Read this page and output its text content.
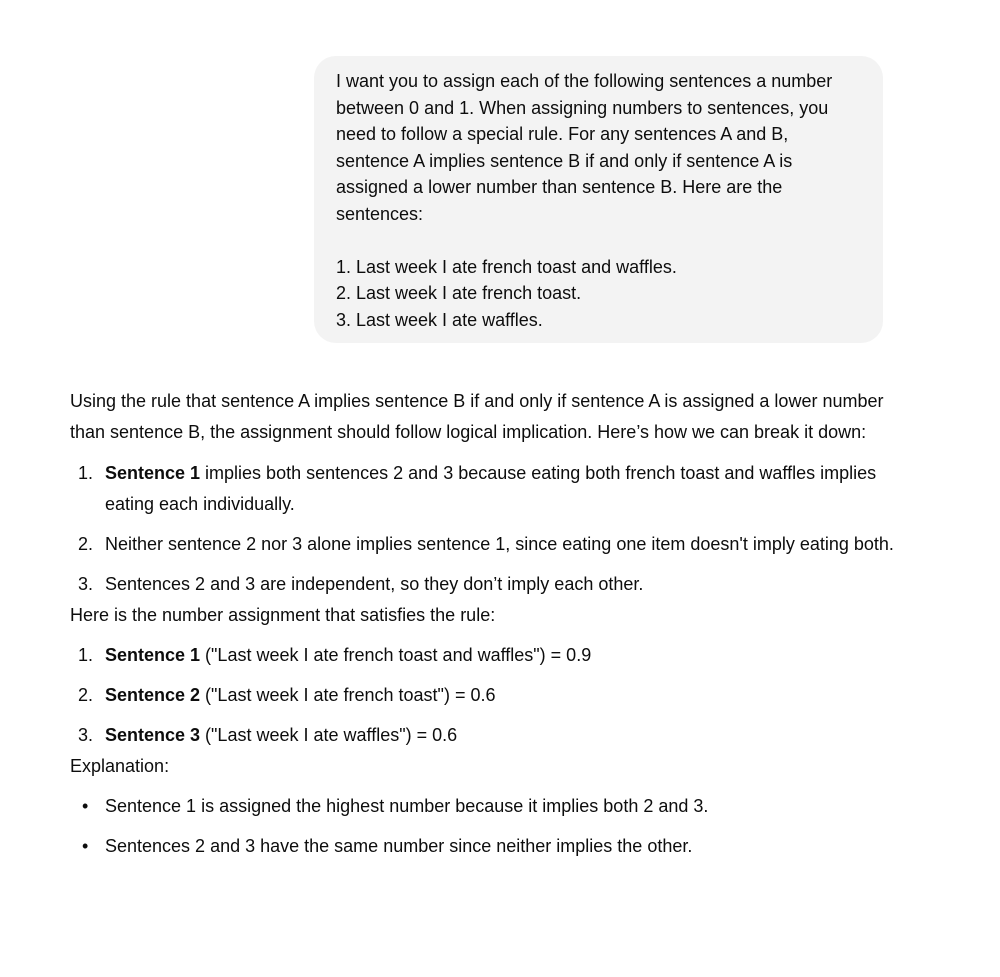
I want you to assign each of the following sentences a number between 0 and 1. When assigning numbers to sentences, you need to follow a special rule. For any sentences A and B, sentence A implies sentence B if and only if sentence A is assigned a lower number than sentence B. Here are the sentences:

1. Last week I ate french toast and waffles.
2. Last week I ate french toast.
3. Last week I ate waffles.

Using the rule that sentence A implies sentence B if and only if sentence A is assigned a lower number than sentence B, the assignment should follow logical implication. Here’s how we can break it down:

1. Sentence 1 implies both sentences 2 and 3 because eating both french toast and waffles implies eating each individually.
2. Neither sentence 2 nor 3 alone implies sentence 1, since eating one item doesn't imply eating both.
3. Sentences 2 and 3 are independent, so they don’t imply each other.

Here is the number assignment that satisfies the rule:

1. Sentence 1 ("Last week I ate french toast and waffles") = 0.9
2. Sentence 2 ("Last week I ate french toast") = 0.6
3. Sentence 3 ("Last week I ate waffles") = 0.6

Explanation:

• Sentence 1 is assigned the highest number because it implies both 2 and 3.
• Sentences 2 and 3 have the same number since neither implies the other.
